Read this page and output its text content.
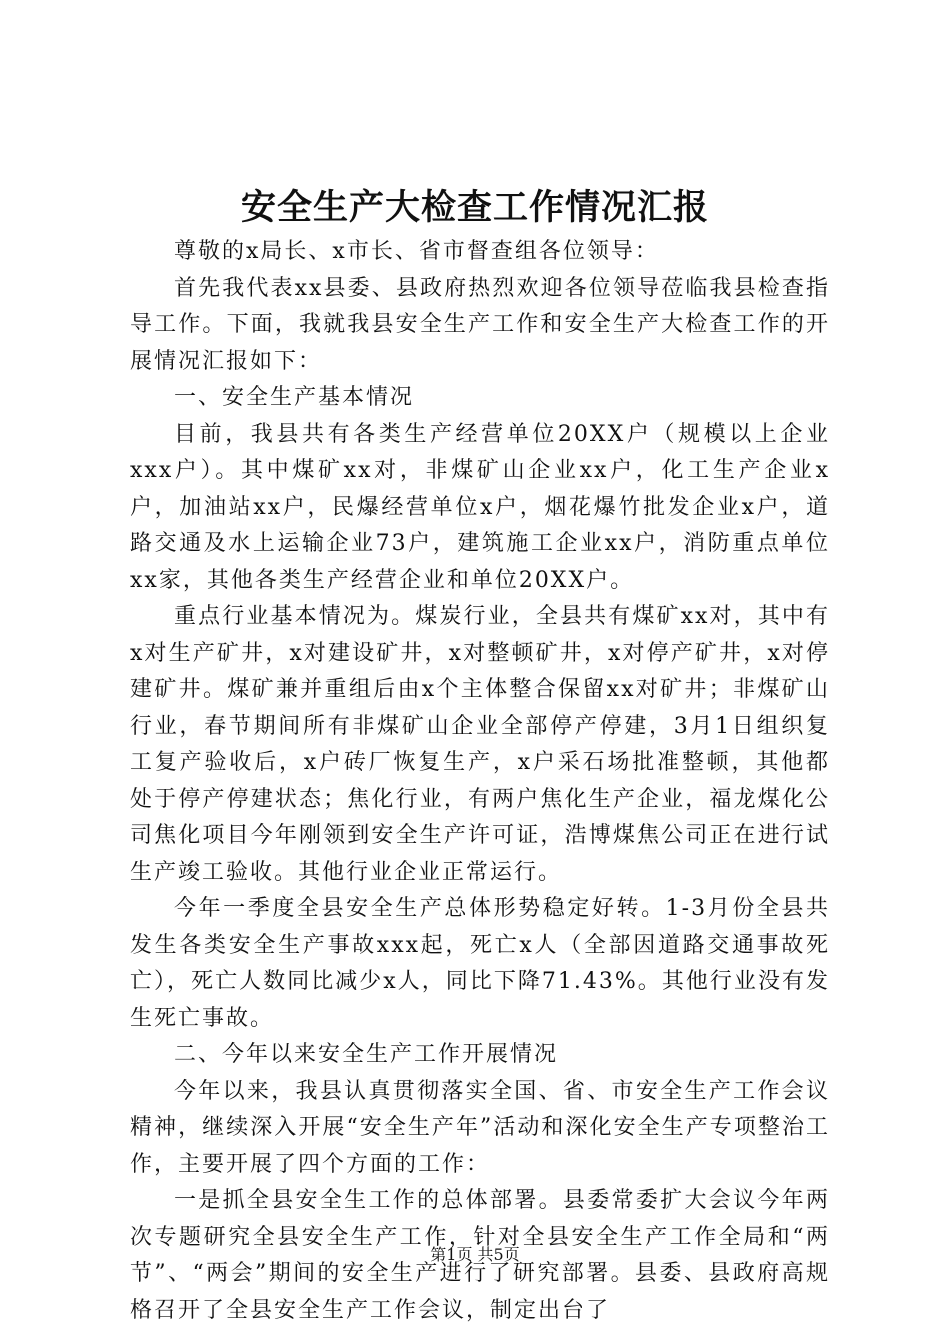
安全生产大检查工作情况汇报

尊敬的x局长、x市长、省市督查组各位领导：

首先我代表xx县委、县政府热烈欢迎各位领导莅临我县检查指导工作。下面，我就我县安全生产工作和安全生产大检查工作的开展情况汇报如下：

一、安全生产基本情况

目前，我县共有各类生产经营单位20XX户（规模以上企业xxx户）。其中煤矿xx对，非煤矿山企业xx户，化工生产企业x户，加油站xx户，民爆经营单位x户，烟花爆竹批发企业x户，道路交通及水上运输企业73户，建筑施工企业xx户，消防重点单位xx家，其他各类生产经营企业和单位20XX户。

重点行业基本情况为。煤炭行业，全县共有煤矿xx对，其中有x对生产矿井，x对建设矿井，x对整顿矿井，x对停产矿井，x对停建矿井。煤矿兼并重组后由x个主体整合保留xx对矿井；非煤矿山行业，春节期间所有非煤矿山企业全部停产停建，3月1日组织复工复产验收后，x户砖厂恢复生产，x户采石场批准整顿，其他都处于停产停建状态；焦化行业，有两户焦化生产企业，福龙煤化公司焦化项目今年刚领到安全生产许可证，浩博煤焦公司正在进行试生产竣工验收。其他行业企业正常运行。

今年一季度全县安全生产总体形势稳定好转。1-3月份全县共发生各类安全生产事故xxx起，死亡x人（全部因道路交通事故死亡），死亡人数同比减少x人，同比下降71.43%。其他行业没有发生死亡事故。

二、今年以来安全生产工作开展情况

今年以来，我县认真贯彻落实全国、省、市安全生产工作会议精神，继续深入开展“安全生产年”活动和深化安全生产专项整治工作，主要开展了四个方面的工作：

一是抓全县安全生工作的总体部署。县委常委扩大会议今年两次专题研究全县安全生产工作，针对全县安全生产工作全局和“两节”、“两会”期间的安全生产进行了研究部署。县委、县政府高规格召开了全县安全生产工作会议，制定出台了

第1页 共5页
